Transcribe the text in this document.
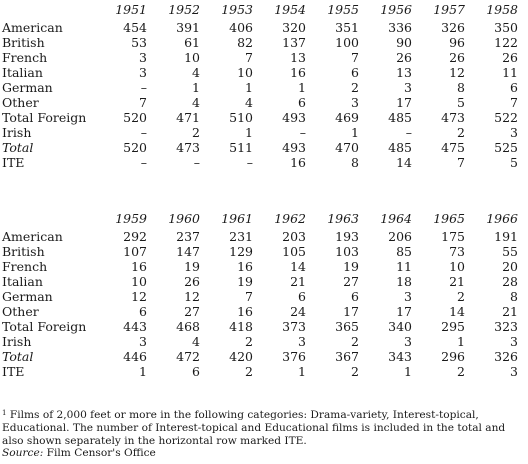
	1951	1952	1953	1954	1955	1956	1957	1958
American	454	391	406	320	351	336	326	350
British	53	61	82	137	100	90	96	122
French	3	10	7	13	7	26	26	26
Italian	3	4	10	16	6	13	12	11
German	–	1	1	1	2	3	8	6
Other	7	4	4	6	3	17	5	7
Total Foreign	520	471	510	493	469	485	473	522
Irish	–	2	1	–	1	–	2	3
Total	520	473	511	493	470	485	475	525
ITE	–	–	–	16	8	14	7	5
	1959	1960	1961	1962	1963	1964	1965	1966
American	292	237	231	203	193	206	175	191
British	107	147	129	105	103	85	73	55
French	16	19	16	14	19	11	10	20
Italian	10	26	19	21	27	18	21	28
German	12	12	7	6	6	3	2	8
Other	6	27	16	24	17	17	14	21
Total Foreign	443	468	418	373	365	340	295	323
Irish	3	4	2	3	2	3	1	3
Total	446	472	420	376	367	343	296	326
ITE	1	6	2	1	2	1	2	3

$^1$ Films of 2,000 feet or more in the following categories: Drama-variety, Interest-topical, Educational. The number of Interest-topical and Educational films is included in the total and also shown separately in the horizontal row marked ITE.

Source: Film Censor's Office
